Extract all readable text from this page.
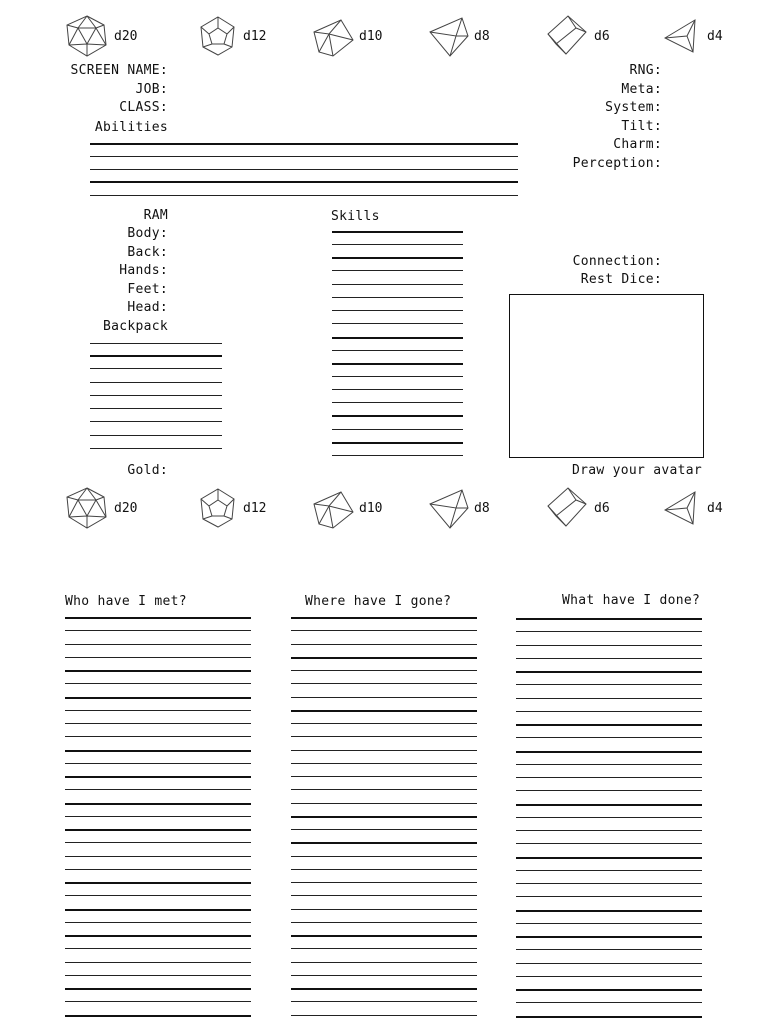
d20	d12	d10	d8	d6	d4
SCREEN NAME:
JOB:
CLASS:
Abilities
RNG:
Meta:
System:
Tilt:
Charm:
Perception:
RAM
Body:
Back:
Hands:
Feet:
Head:
Backpack
Skills
Connection:
Rest Dice:
Draw your avatar
Gold:
d20	d12	d10	d8	d6	d4
Who have I met?	Where have I gone?	What have I done?
